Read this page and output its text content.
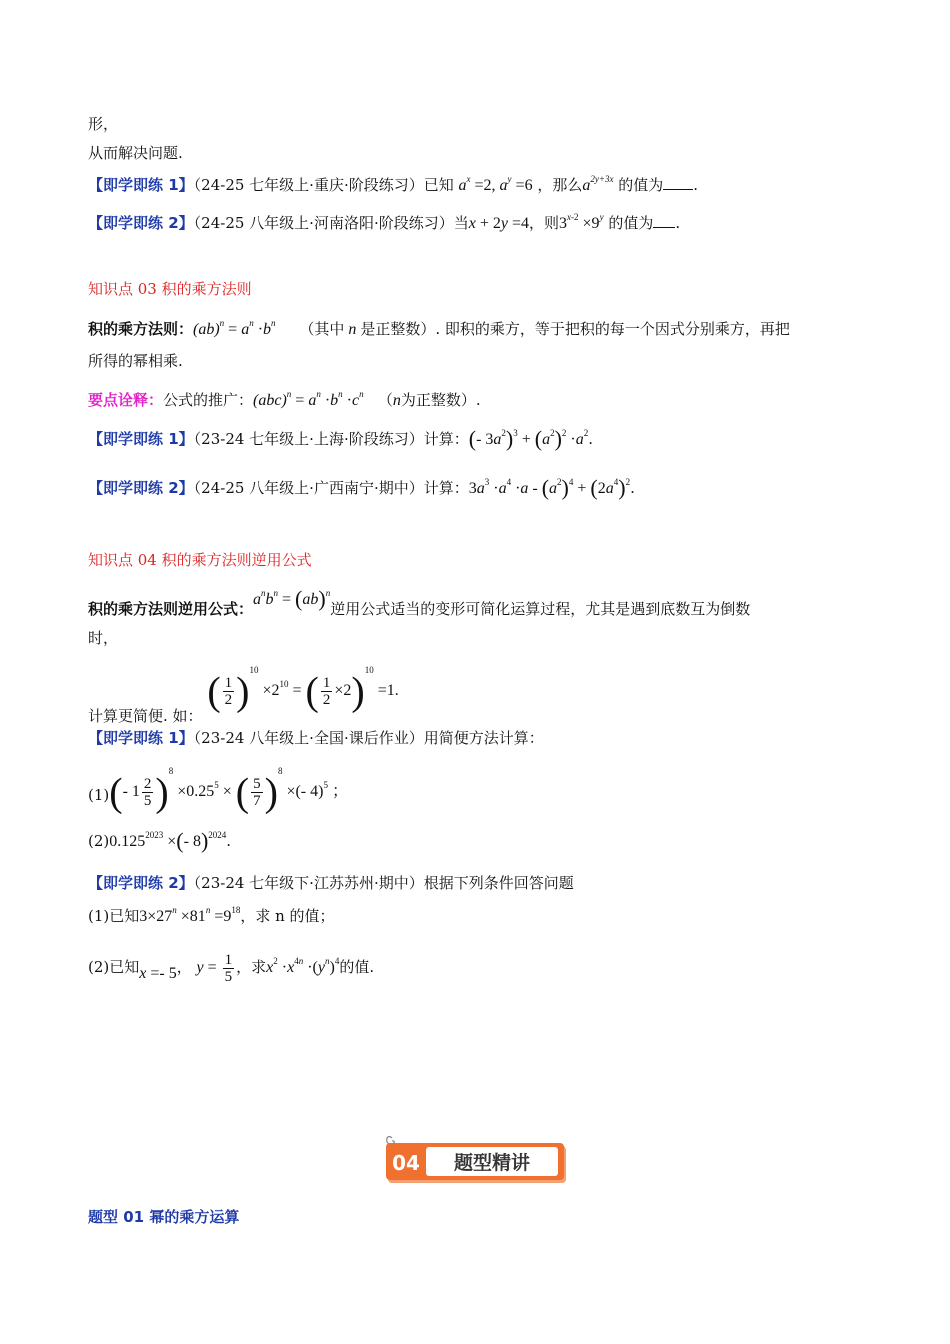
形，
从而解决问题.
【即学即练 1】（24-25 七年级上·重庆·阶段练习）已知 $a^x =2$, $a^y =6$ ，那么$a^{2y+3x}$ 的值为 .
【即学即练 2】（24-25 八年级上·河南洛阳·阶段练习）当x + 2y =4，则$3^{x-2} \times 9^y$ 的值为 .
知识点 03 积的乘方法则
积的乘方法则：$(ab)^n = a^n \cdot b^n$ （其中 n 是正整数）. 即积的乘方，等于把积的每一个因式分别乘方，再把
所得的幂相乘.
要点诠释：公式的推广：$(abc)^n = a^n \cdot b^n \cdot c^n$   （n为正整数）.
【即学即练 1】（23-24 七年级上·上海·阶段练习）计算：(- $3a^2)^3 + (a^2)^2 \cdot a^2$.
【即学即练 2】（24-25 八年级上·广西南宁·期中）计算：$3a^3 \cdot a^4 \cdot a - (a^2)^4 + (2a^4)^2$.
知识点 04 积的乘方法则逆用公式
积的乘方法则逆用公式：$a^nb^n = (ab)^n$逆用公式适当的变形可简化运算过程，尤其是遇到底数互为倒数
时，
计算更简便. 如： ( $\frac{1}{2} )^{10} \times 2^{10}$ = ( $\frac{1}{2} \times 2)^{10} =1$.
【即学即练 1】（23-24 八年级上·全国·课后作业）用简便方法计算：
(1)(- $1 \frac{2}{5} )^8 \times 0.25^5$ × ( $\frac{5}{7} )^8$ ×(- 4)$^5$ ；
$(2)0.125^{2023}$ ×(- 8)$^{2024}$.
【即学即练 2】（23-24 七年级下·江苏苏州·期中）根据下列条件回答问题
(1)已知$3\times 27^n \times 81^n =9^{18}$，求 n 的值；
(2)已知x =- 5， $y = \frac{1}{5}$ ，求$x^2 \cdot x^{4n} \cdot(y^n)^4$的值.
04 题型精讲
题型 01 幂的乘方运算
